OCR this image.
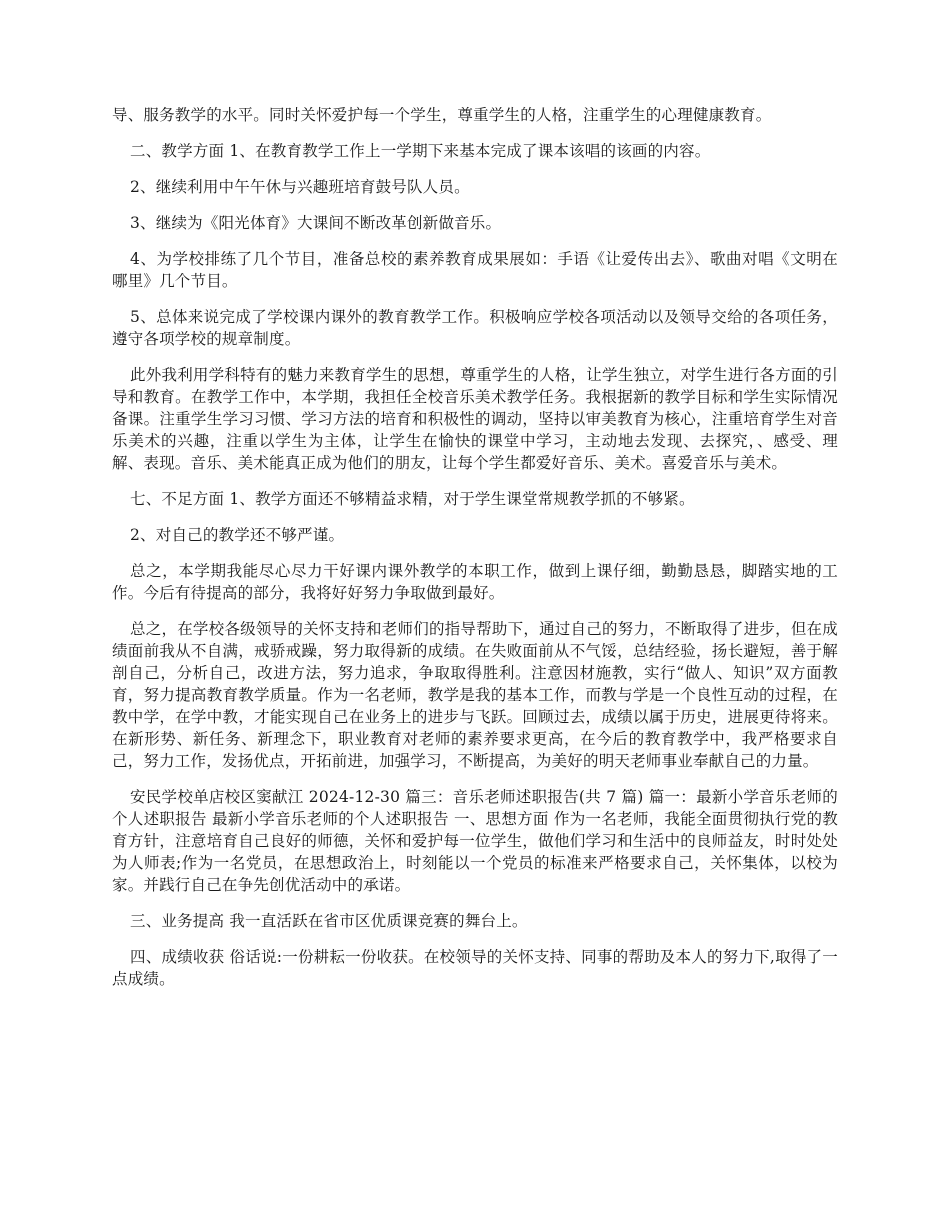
导、服务教学的水平。同时关怀爱护每一个学生，尊重学生的人格，注重学生的心理健康教育。

二、教学方面 1、在教育教学工作上一学期下来基本完成了课本该唱的该画的内容。

2、继续利用中午午休与兴趣班培育鼓号队人员。

3、继续为《阳光体育》大课间不断改革创新做音乐。

4、为学校排练了几个节目，准备总校的素养教育成果展如：手语《让爱传出去》、歌曲对唱《文明在哪里》几个节目。

5、总体来说完成了学校课内课外的教育教学工作。积极响应学校各项活动以及领导交给的各项任务，遵守各项学校的规章制度。

此外我利用学科特有的魅力来教育学生的思想，尊重学生的人格，让学生独立，对学生进行各方面的引导和教育。在教学工作中，本学期，我担任全校音乐美术教学任务。我根据新的教学目标和学生实际情况备课。注重学生学习习惯、学习方法的培育和积极性的调动，坚持以审美教育为核心，注重培育学生对音乐美术的兴趣，注重以学生为主体，让学生在愉快的课堂中学习，主动地去发现、去探究，、感受、理解、表现。音乐、美术能真正成为他们的朋友，让每个学生都爱好音乐、美术。喜爱音乐与美术。

七、不足方面 1、教学方面还不够精益求精，对于学生课堂常规教学抓的不够紧。

2、对自己的教学还不够严谨。

总之，本学期我能尽心尽力干好课内课外教学的本职工作，做到上课仔细，勤勤恳恳，脚踏实地的工作。今后有待提高的部分，我将好好努力争取做到最好。

总之，在学校各级领导的关怀支持和老师们的指导帮助下，通过自己的努力，不断取得了进步，但在成绩面前我从不自满，戒骄戒躁，努力取得新的成绩。在失败面前从不气馁，总结经验，扬长避短，善于解剖自己，分析自己，改进方法，努力追求，争取取得胜利。注意因材施教，实行“做人、知识”双方面教育，努力提高教育教学质量。作为一名老师，教学是我的基本工作，而教与学是一个良性互动的过程，在教中学，在学中教，才能实现自己在业务上的进步与飞跃。回顾过去，成绩以属于历史，进展更待将来。在新形势、新任务、新理念下，职业教育对老师的素养要求更高，在今后的教育教学中，我严格要求自己，努力工作，发扬优点，开拓前进，加强学习，不断提高，为美好的明天老师事业奉献自己的力量。

安民学校单店校区窦献江 2024-12-30 篇三：音乐老师述职报告(共 7 篇) 篇一：最新小学音乐老师的个人述职报告 最新小学音乐老师的个人述职报告 一、思想方面 作为一名老师，我能全面贯彻执行党的教育方针，注意培育自己良好的师德，关怀和爱护每一位学生，做他们学习和生活中的良师益友，时时处处为人师表;作为一名党员，在思想政治上，时刻能以一个党员的标准来严格要求自己，关怀集体，以校为家。并践行自己在争先创优活动中的承诺。

三、业务提高 我一直活跃在省市区优质课竞赛的舞台上。

四、成绩收获 俗话说:一份耕耘一份收获。在校领导的关怀支持、同事的帮助及本人的努力下,取得了一点成绩。
